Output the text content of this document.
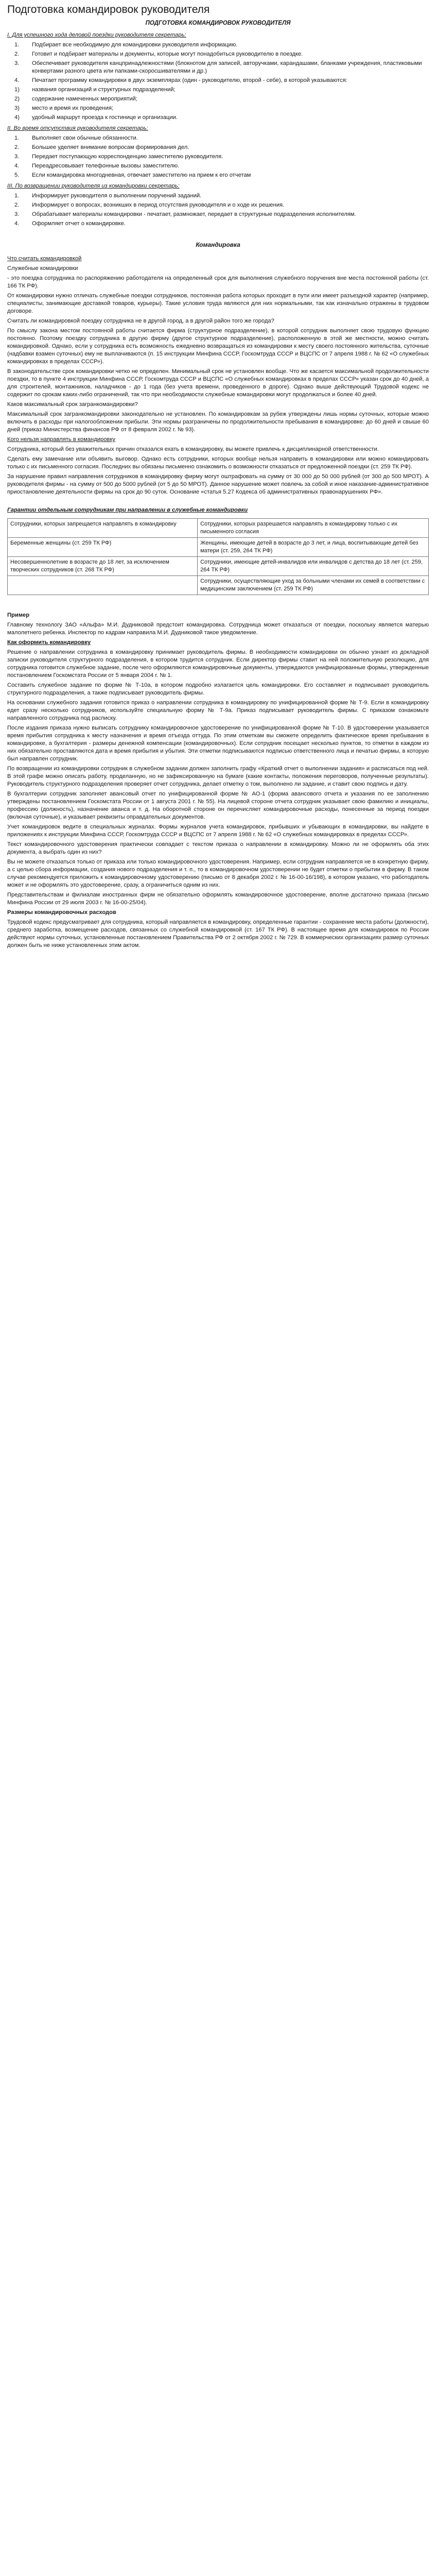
Подготовка командировок руководителя
ПОДГОТОВКА КОМАНДИРОВОК РУКОВОДИТЕЛЯ
I. Для успешного хода деловой поездки руководителя секретарь:
1.	Подбирает все необходимую для командировки руководителя информацию.
2.	Готовит и подбирает материалы и документы, которые могут понадобиться руководителю в поездке.
3.	Обеспечивает руководителя канцпринадлежностями (блокнотом для записей, авторучками, карандашами, бланками учреждения, пластиковыми конвертами разного цвета или папками-скоросшивателями и др.)
4.	Печатает программу командировки в двух экземплярах (один - руководителю, второй - себе), в которой указываются:
1)	названия организаций и структурных подразделений;
2)	содержание намеченных мероприятий;
3)	место и время их проведения;
4)	удобный маршрут проезда к гостинице и организации.
II. Во время отсутствия руководителя секретарь:
1.	Выполняет свои обычные обязанности.
2.	Большее уделяет внимание вопросам формирования дел.
3.	Передает поступающую корреспонденцию заместителю руководителя.
4.	Переадресовывает телефонные вызовы заместителю.
5.	Если командировка многодневная, отвечает заместителю на прием к его отчетам
III. По возвращении руководителя из командировки секретарь:
1.	Информирует руководителя о выполнении поручений заданий.
2.	Информирует о вопросах, возникших в период отсутствия руководителя и о ходе их решения.
3.	Обрабатывает материалы командировки - печатает, размножает, передает в структурные подразделения исполнителям.
4.	Оформляет отчет о командировке.
Командировка
Что считать командировкой

Служебные командировки

- это поездка сотрудника по распоряжению работодателя на определенный срок для выполнения служебного поручения вне места постоянной работы (ст. 166 ТК РФ).

От командировки нужно отличать служебные поездки сотрудников, постоянная работа которых проходит в пути или имеет разъездной характер (например, специалисты, занимающие доставкой товаров, курьеры). Такие условия труда являются для них нормальными, так как изначально отражены в трудовом договоре.

Считать ли командировкой поездку сотрудника не в другой город, а в другой район того же города?

По смыслу закона местом постоянной работы считается фирма (структурное подразделение), в которой сотрудник выполняет свою трудовую функцию постоянно. Поэтому поездку сотрудника в другую фирму (другое структурное подразделение), расположенную в этой же местности, можно считать командировкой. Однако, если у сотрудника есть возможность ежедневно возвращаться из командировки к месту своего постоянного жительства, суточные (надбавки взамен суточных) ему не выплачиваются (п. 15 инструкции Минфина СССР, Госкомтруда СССР и ВЦСПС от 7 апреля 1988 г. № 62 «О служебных командировках в пределах СССР»).

В законодательстве срок командировки четко не определен. Минимальный срок не установлен вообще. Что же касается максимальной продолжительности поездки, то в пункте 4 инструкции Минфина СССР, Госкомтруда СССР и ВЦСПС «О служебных командировках в пределах СССР» указан срок до 40 дней, а для строителей, монтажников, наладчиков - до 1 года (без учета времени, проведенного в дороге). Однако выше действующий Трудовой кодекс не содержит по срокам каких-либо ограничений, так что при необходимости служебные командировки могут продолжаться и более 40 дней.

Каков максимальный срок загранкомандировки?

Максимальный срок загранкомандировки законодательно не установлен. По командировкам за рубеж утверждены лишь нормы суточных, которые можно включить в расходы при налогообложении прибыли. Эти нормы разграничены по продолжительности пребывания в командировке: до 60 дней и свыше 60 дней (приказ Министерства финансов РФ от 8 февраля 2002 г. № 93).

Кого нельзя направлять в командировку

Сотрудника, который без уважительных причин отказался ехать в командировку, вы можете привлечь к дисциплинарной ответственности.

Сделать ему замечание или объявить выговор. Однако есть сотрудники, которых вообще нельзя направить в командировки или можно командировать только с их письменного согласия. Последних вы обязаны письменно ознакомить о возможности отказаться от предложенной поездки (ст. 259 ТК РФ).

За нарушение правил направления сотрудников в командировку фирму могут оштрафовать на сумму от 30 000 до 50 000 рублей (от 300 до 500 МРОТ). А руководителя фирмы - на сумму от 500 до 5000 рублей (от 5 до 50 МРОТ). Данное нарушение может повлечь за собой и иное наказание-административное приостановление деятельности фирмы на срок до 90 суток. Основание «статья 5.27 Кодекса об административных правонарушениях РФ».

Гарантии отдельным сотрудникам при направлении в служебные командировки
Сотрудники, которых запрещается направлять в командировку	Сотрудники, которых разрешается направлять в командировку только с их письменного согласия
Беременные женщины (ст. 259 ТК РФ)	Женщины, имеющие детей в возрасте до 3 лет, и лица, воспитывающие детей без матери (ст. 259, 264 ТК РФ)
Несовершеннолетние в возрасте до 18 лет, за исключением творческих сотрудников (ст. 268 ТК РФ)	Сотрудники, имеющие детей-инвалидов или инвалидов с детства до 18 лет (ст. 259, 264 ТК РФ)
	Сотрудники, осуществляющие уход за больными членами их семей в соответствии с медицинским заключением (ст. 259 ТК РФ)
Пример

Главному технологу ЗАО «Альфа» М.И. Дудниковой предстоит командировка. Сотрудница может отказаться от поездки, поскольку является матерью малолетнего ребенка. Инспектор по кадрам направила М.И. Дудниковой такое уведомление.

Как оформить командировку

Решение о направлении сотрудника в командировку принимает руководитель фирмы. В необходимости командировки он обычно узнает из докладной записки руководителя структурного подразделения, в котором трудится сотрудник. Если директор фирмы ставит на ней положительную резолюцию, для сотрудника готовится служебное задание, после чего оформляются командировочные документы, утверждаются унифицированные формы, утвержденные постановлением Госкомстата России от 5 января 2004 г. № 1.

Составить служебное задание по форме № Т-10а, в котором подробно излагается цель командировки. Его составляет и подписывает руководитель структурного подразделения, а также подписывает руководитель фирмы.

На основании служебного задания готовится приказ о направлении сотрудника в командировку по унифицированной форме № Т-9. Если в командировку едет сразу несколько сотрудников, используйте специальную форму № Т-9а. Приказ подписывает руководитель фирмы. С приказом ознакомьте направленного сотрудника под расписку.

После издания приказа нужно выписать сотруднику командировочное удостоверение по унифицированной форме № Т-10. В удостоверении указывается время прибытия сотрудника к месту назначения и время отъезда оттуда. По этим отметкам вы сможете определить фактическое время пребывания в командировке, а бухгалтерия - размеры денежной компенсации (командировочных). Если сотрудник посещает несколько пунктов, то отметки в каждом из них обязательно проставляются дата и время прибытия и убытия. Эти отметки подписываются подписью ответственного лица и печатью фирмы, в которую был направлен сотрудник.

По возвращении из командировки сотрудник в служебном задании должен заполнить графу «Краткий отчет о выполнении задания» и расписаться под ней. В этой графе можно описать работу, проделанную, но не зафиксированную на бумаге (какие контакты, положения переговоров, полученные результаты). Руководитель структурного подразделения проверяет отчет сотрудника, делает отметку о том, выполнено ли задание, и ставит свою подпись и дату.

В бухгалтерии сотрудник заполняет авансовый отчет по унифицированной форме № АО-1 (форма авансового отчета и указания по ее заполнению утверждены постановлением Госкомстата России от 1 августа 2001 г. № 55). На лицевой стороне отчета сотрудник указывает свою фамилию и инициалы, профессию (должность), назначение аванса и т. д. На оборотной стороне он перечисляет командировочные расходы, понесенные за период поездки (включая суточные), и указывает реквизиты оправдательных документов.

Учет командировок ведите в специальных журналах. Формы журналов учета командировок, прибывших и убывающих в командировки, вы найдете в приложениях к инструкции Минфина СССР, Госкомтруда СССР и ВЦСПС от 7 апреля 1988 г. № 62 «О служебных командировках в пределах СССР».

Текст командировочного удостоверения практически совпадает с текстом приказа о направлении в командировку. Можно ли не оформлять оба этих документа, а выбрать один из них?

Вы не можете отказаться только от приказа или только командировочного удостоверения. Например, если сотрудник направляется не в конкретную фирму, а с целью сбора информации, создания нового подразделения и т. п., то в командировочном удостоверении не будет отметки о прибытии в фирму. В таком случае рекомендуется приложить к командировочному удостоверению (письмо от 8 декабря 2002 г. № 16-00-16/198), в котором указано, что работодатель может и не оформлять это удостоверение, сразу, а ограничиться одним из них.

Представительствам и филиалам иностранных фирм не обязательно оформлять командировочное удостоверение, вполне достаточно приказа (письмо Минфина России от 29 июля 2003 г. № 16-00-25/04).

Размеры командировочных расходов

Трудовой кодекс предусматривает для сотрудника, который направляется в командировку, определенные гарантии - сохранение места работы (должности), среднего заработка, возмещение расходов, связанных со служебной командировкой (ст. 167 ТК РФ). В настоящее время для командировок по России действуют нормы суточных, установленные постановлением Правительства РФ от 2 октября 2002 г. № 729. В коммерческих организациях размер суточных должен быть не ниже установленных этим актом.
